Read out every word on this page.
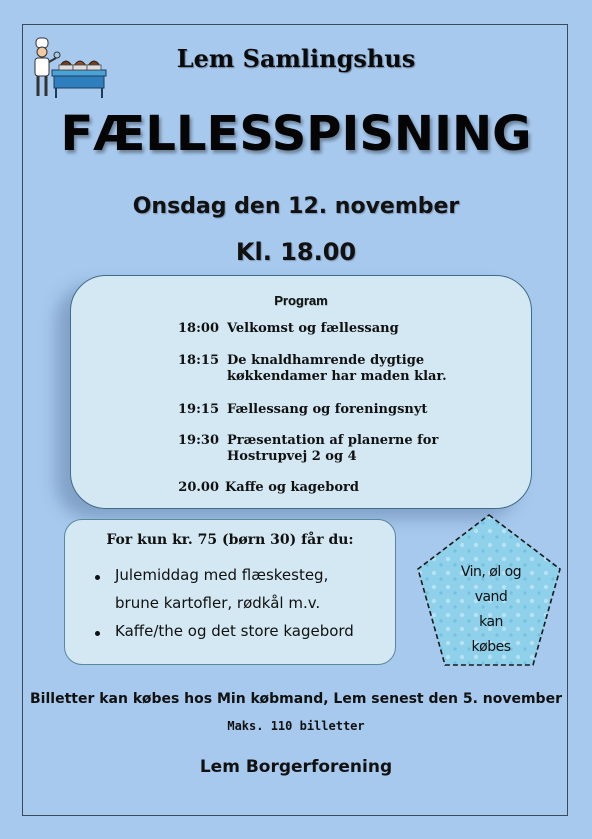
Lem Samlingshus
FÆLLESSPISNING
Onsdag den 12. november
Kl. 18.00
Program
18:00 Velkomst og fællessang
18:15 De knaldhamrende dygtige
køkkendamer har maden klar.
19:15 Fællessang og foreningsnyt
19:30 Præsentation af planerne for
Hostrupvej 2 og 4
20.00 Kaffe og kagebord
For kun kr. 75 (børn 30) får du:
Julemiddag med flæskesteg,
brune kartofler, rødkål m.v.
Kaffe/the og det store kagebord
Vin, øl og
vand
kan
købes
Billetter kan købes hos Min købmand, Lem senest den 5. november
Maks. 110 billetter
Lem Borgerforening
